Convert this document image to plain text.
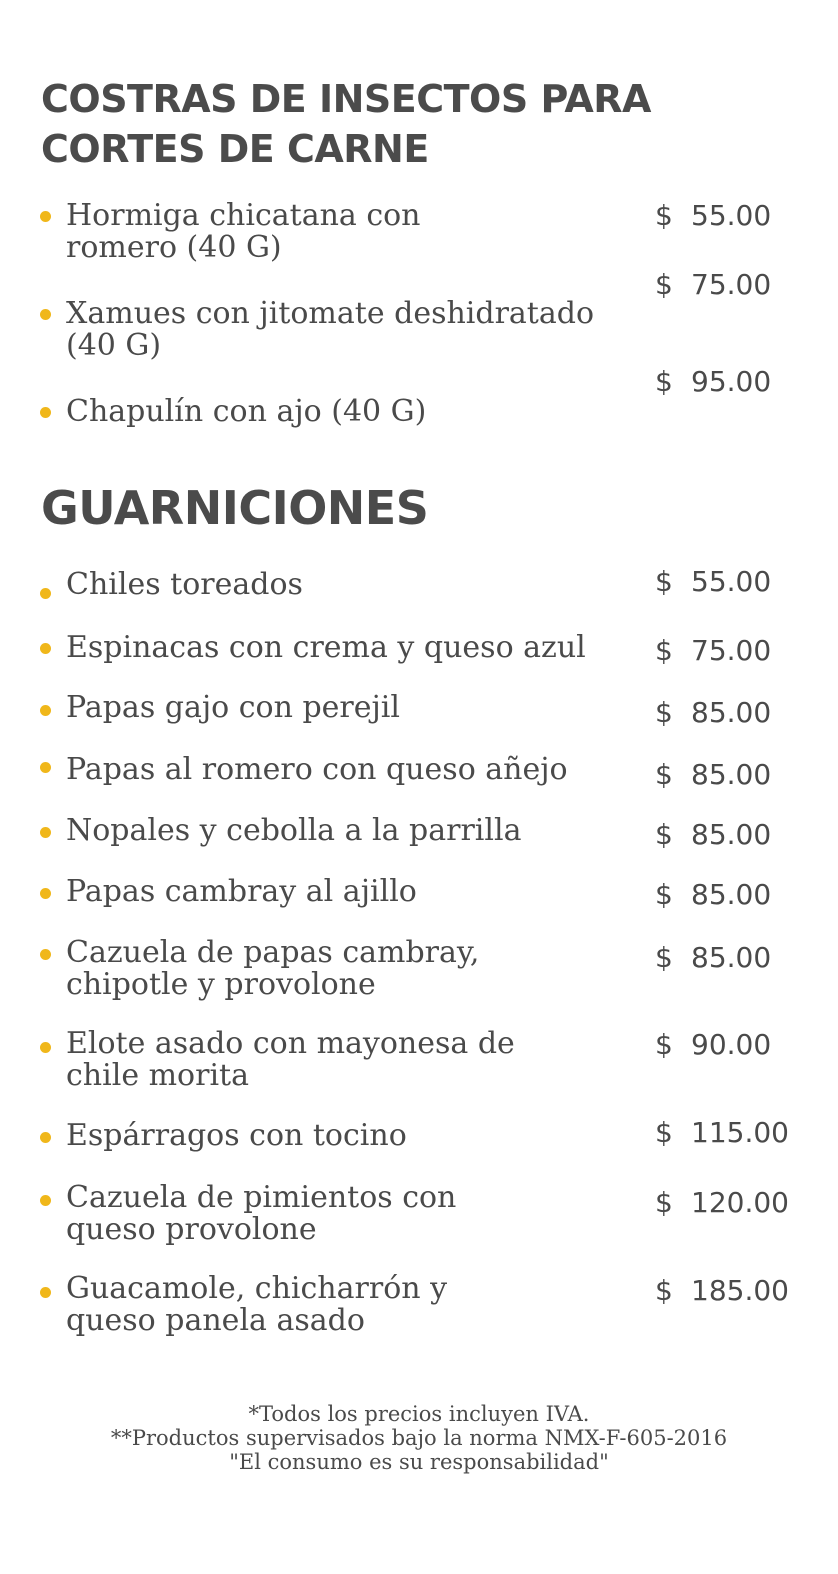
COSTRAS DE INSECTOS PARA CORTES DE CARNE
Hormiga chicatana con
romero (40 G)
$ 55.00
Xamues con jitomate deshidratado
(40 G)
$ 75.00
Chapulín con ajo (40 G)
$ 95.00
GUARNICIONES
Chiles toreados	$ 55.00
Espinacas con crema y queso azul	$ 75.00
Papas gajo con perejil	$ 85.00
Papas al romero con queso añejo	$ 85.00
Nopales y cebolla a la parrilla	$ 85.00
Papas cambray al ajillo	$ 85.00
Cazuela de papas cambray,
chipotle y provolone
$ 85.00
Elote asado con mayonesa de
chile morita
$ 90.00
Espárragos con tocino	$ 115.00
Cazuela de pimientos con
queso provolone
$ 120.00
Guacamole, chicharrón y
queso panela asado
$ 185.00
*Todos los precios incluyen IVA.
**Productos supervisados bajo la norma NMX-F-605-2016
"El consumo es su responsabilidad"
